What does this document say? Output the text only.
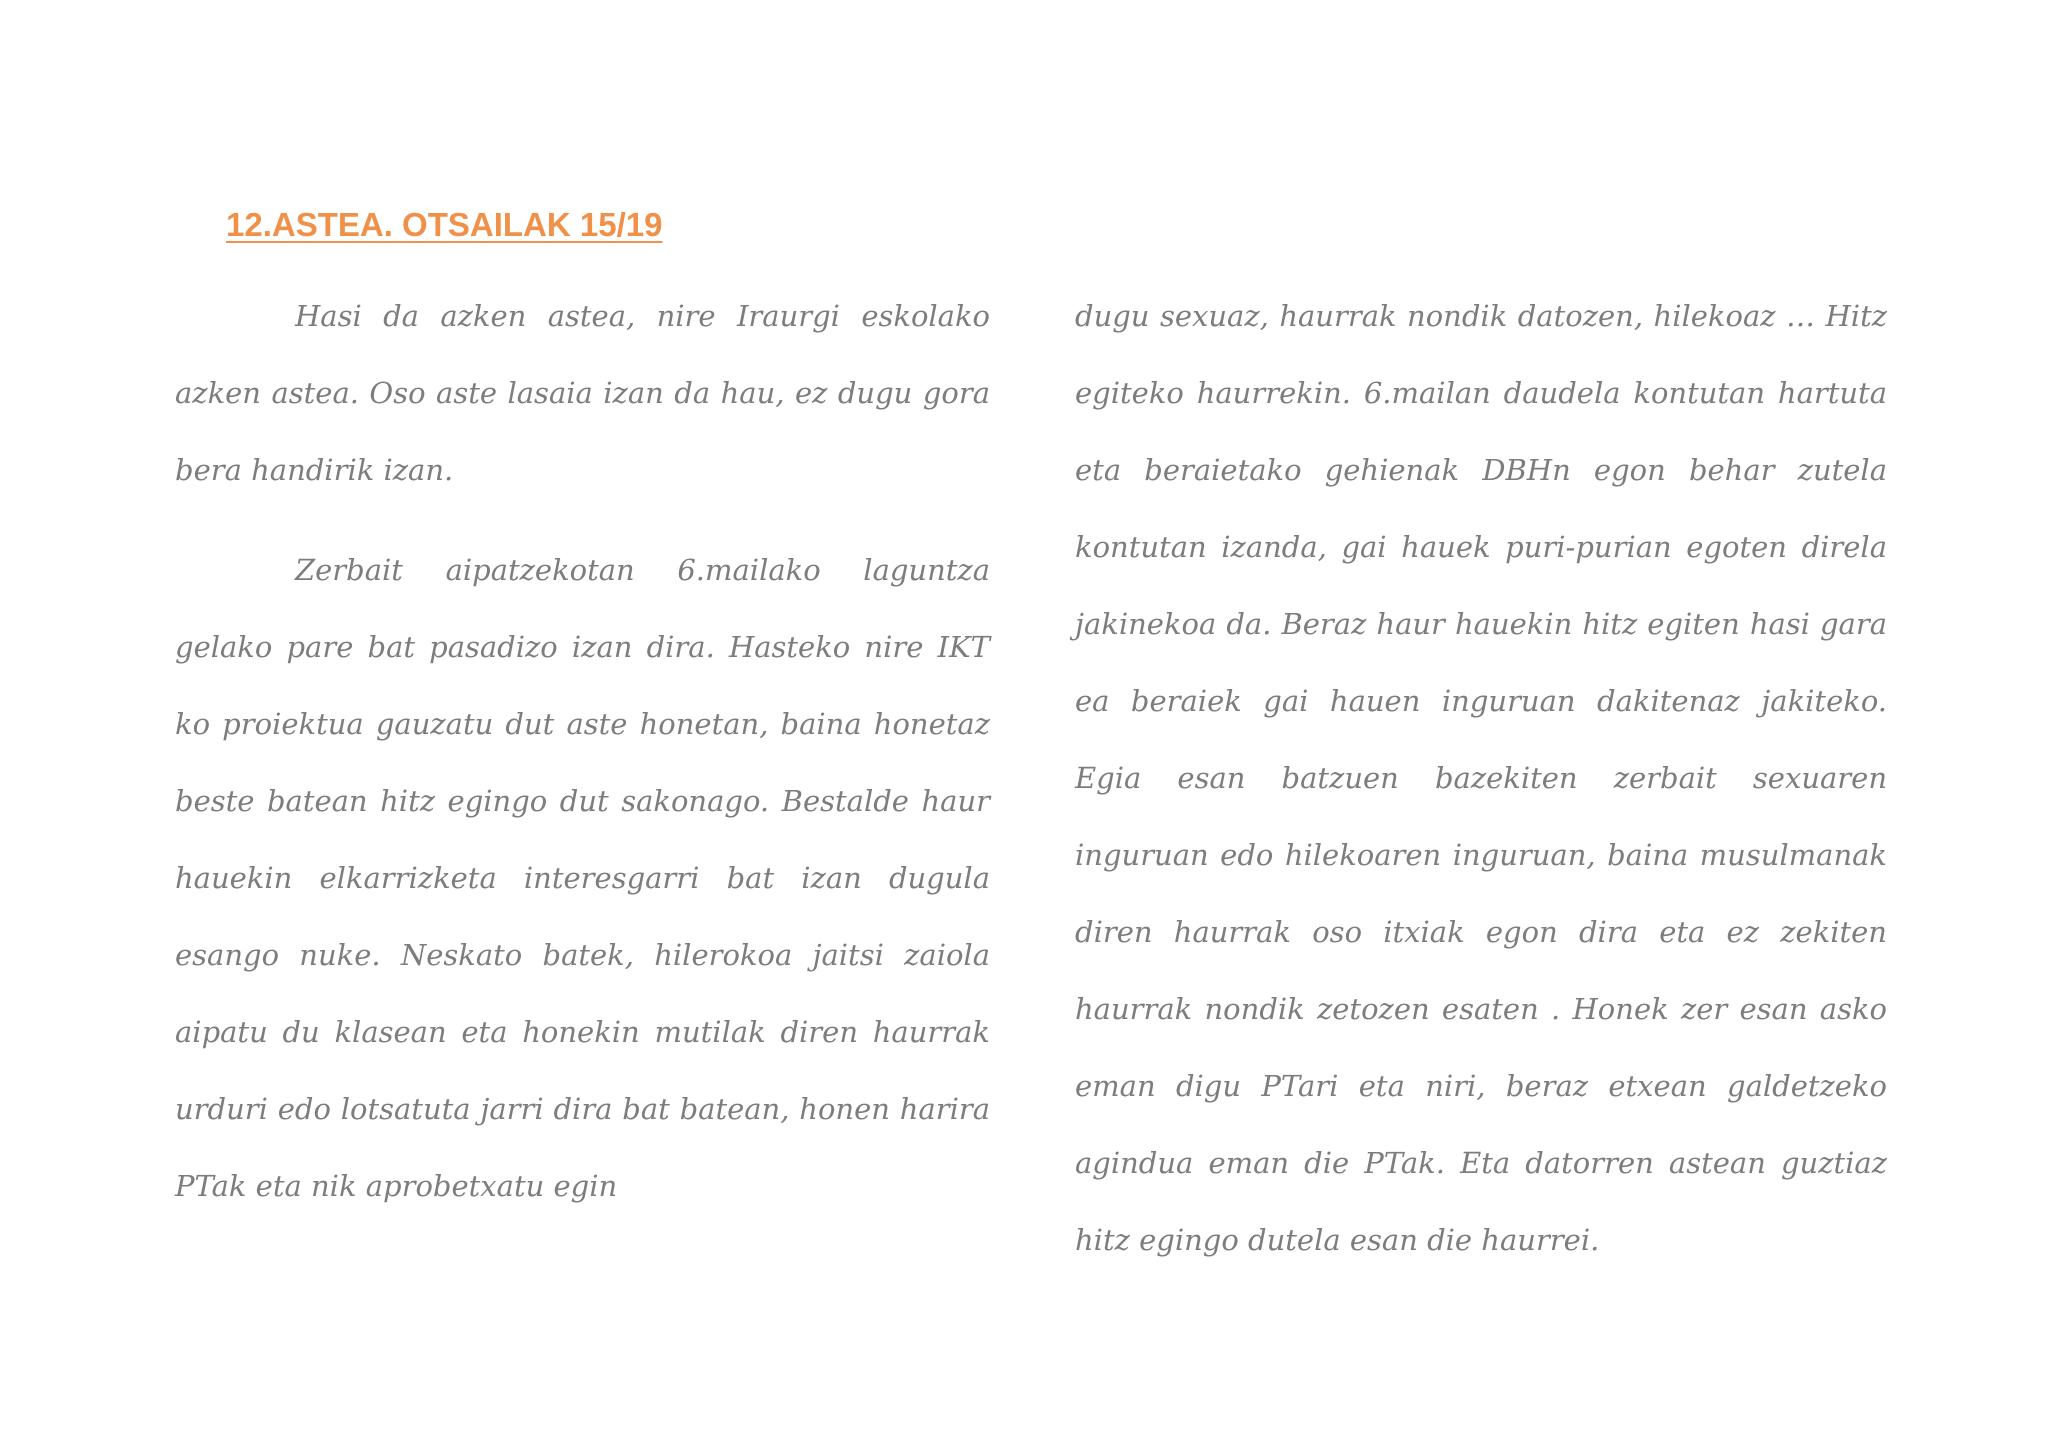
12.ASTEA. OTSAILAK 15/19

Hasi da azken astea, nire Iraurgi eskolako azken astea. Oso aste lasaia izan da hau, ez dugu gora bera handirik izan.

Zerbait aipatzekotan 6.mailako laguntza gelako pare bat pasadizo izan dira. Hasteko nire IKT ko proiektua gauzatu dut aste honetan, baina honetaz beste batean hitz egingo dut sakonago. Bestalde haur hauekin elkarrizketa interesgarri bat izan dugula esango nuke. Neskato batek, hilerokoa jaitsi zaiola aipatu du klasean eta honekin mutilak diren haurrak urduri edo lotsatuta jarri dira bat batean, honen harira PTak eta nik aprobetxatu egin

dugu sexuaz, haurrak nondik datozen, hilekoaz … Hitz egiteko haurrekin. 6.mailan daudela kontutan hartuta eta beraietako gehienak DBHn egon behar zutela kontutan izanda, gai hauek puri-purian egoten direla jakinekoa da. Beraz haur hauekin hitz egiten hasi gara ea beraiek gai hauen inguruan dakitenaz jakiteko. Egia esan batzuen bazekiten zerbait sexuaren inguruan edo hilekoaren inguruan, baina musulmanak diren haurrak oso itxiak egon dira eta ez zekiten haurrak nondik zetozen esaten . Honek zer esan asko eman digu PTari eta niri, beraz etxean galdetzeko agindua eman die PTak. Eta datorren astean guztiaz hitz egingo dutela esan die haurrei.
